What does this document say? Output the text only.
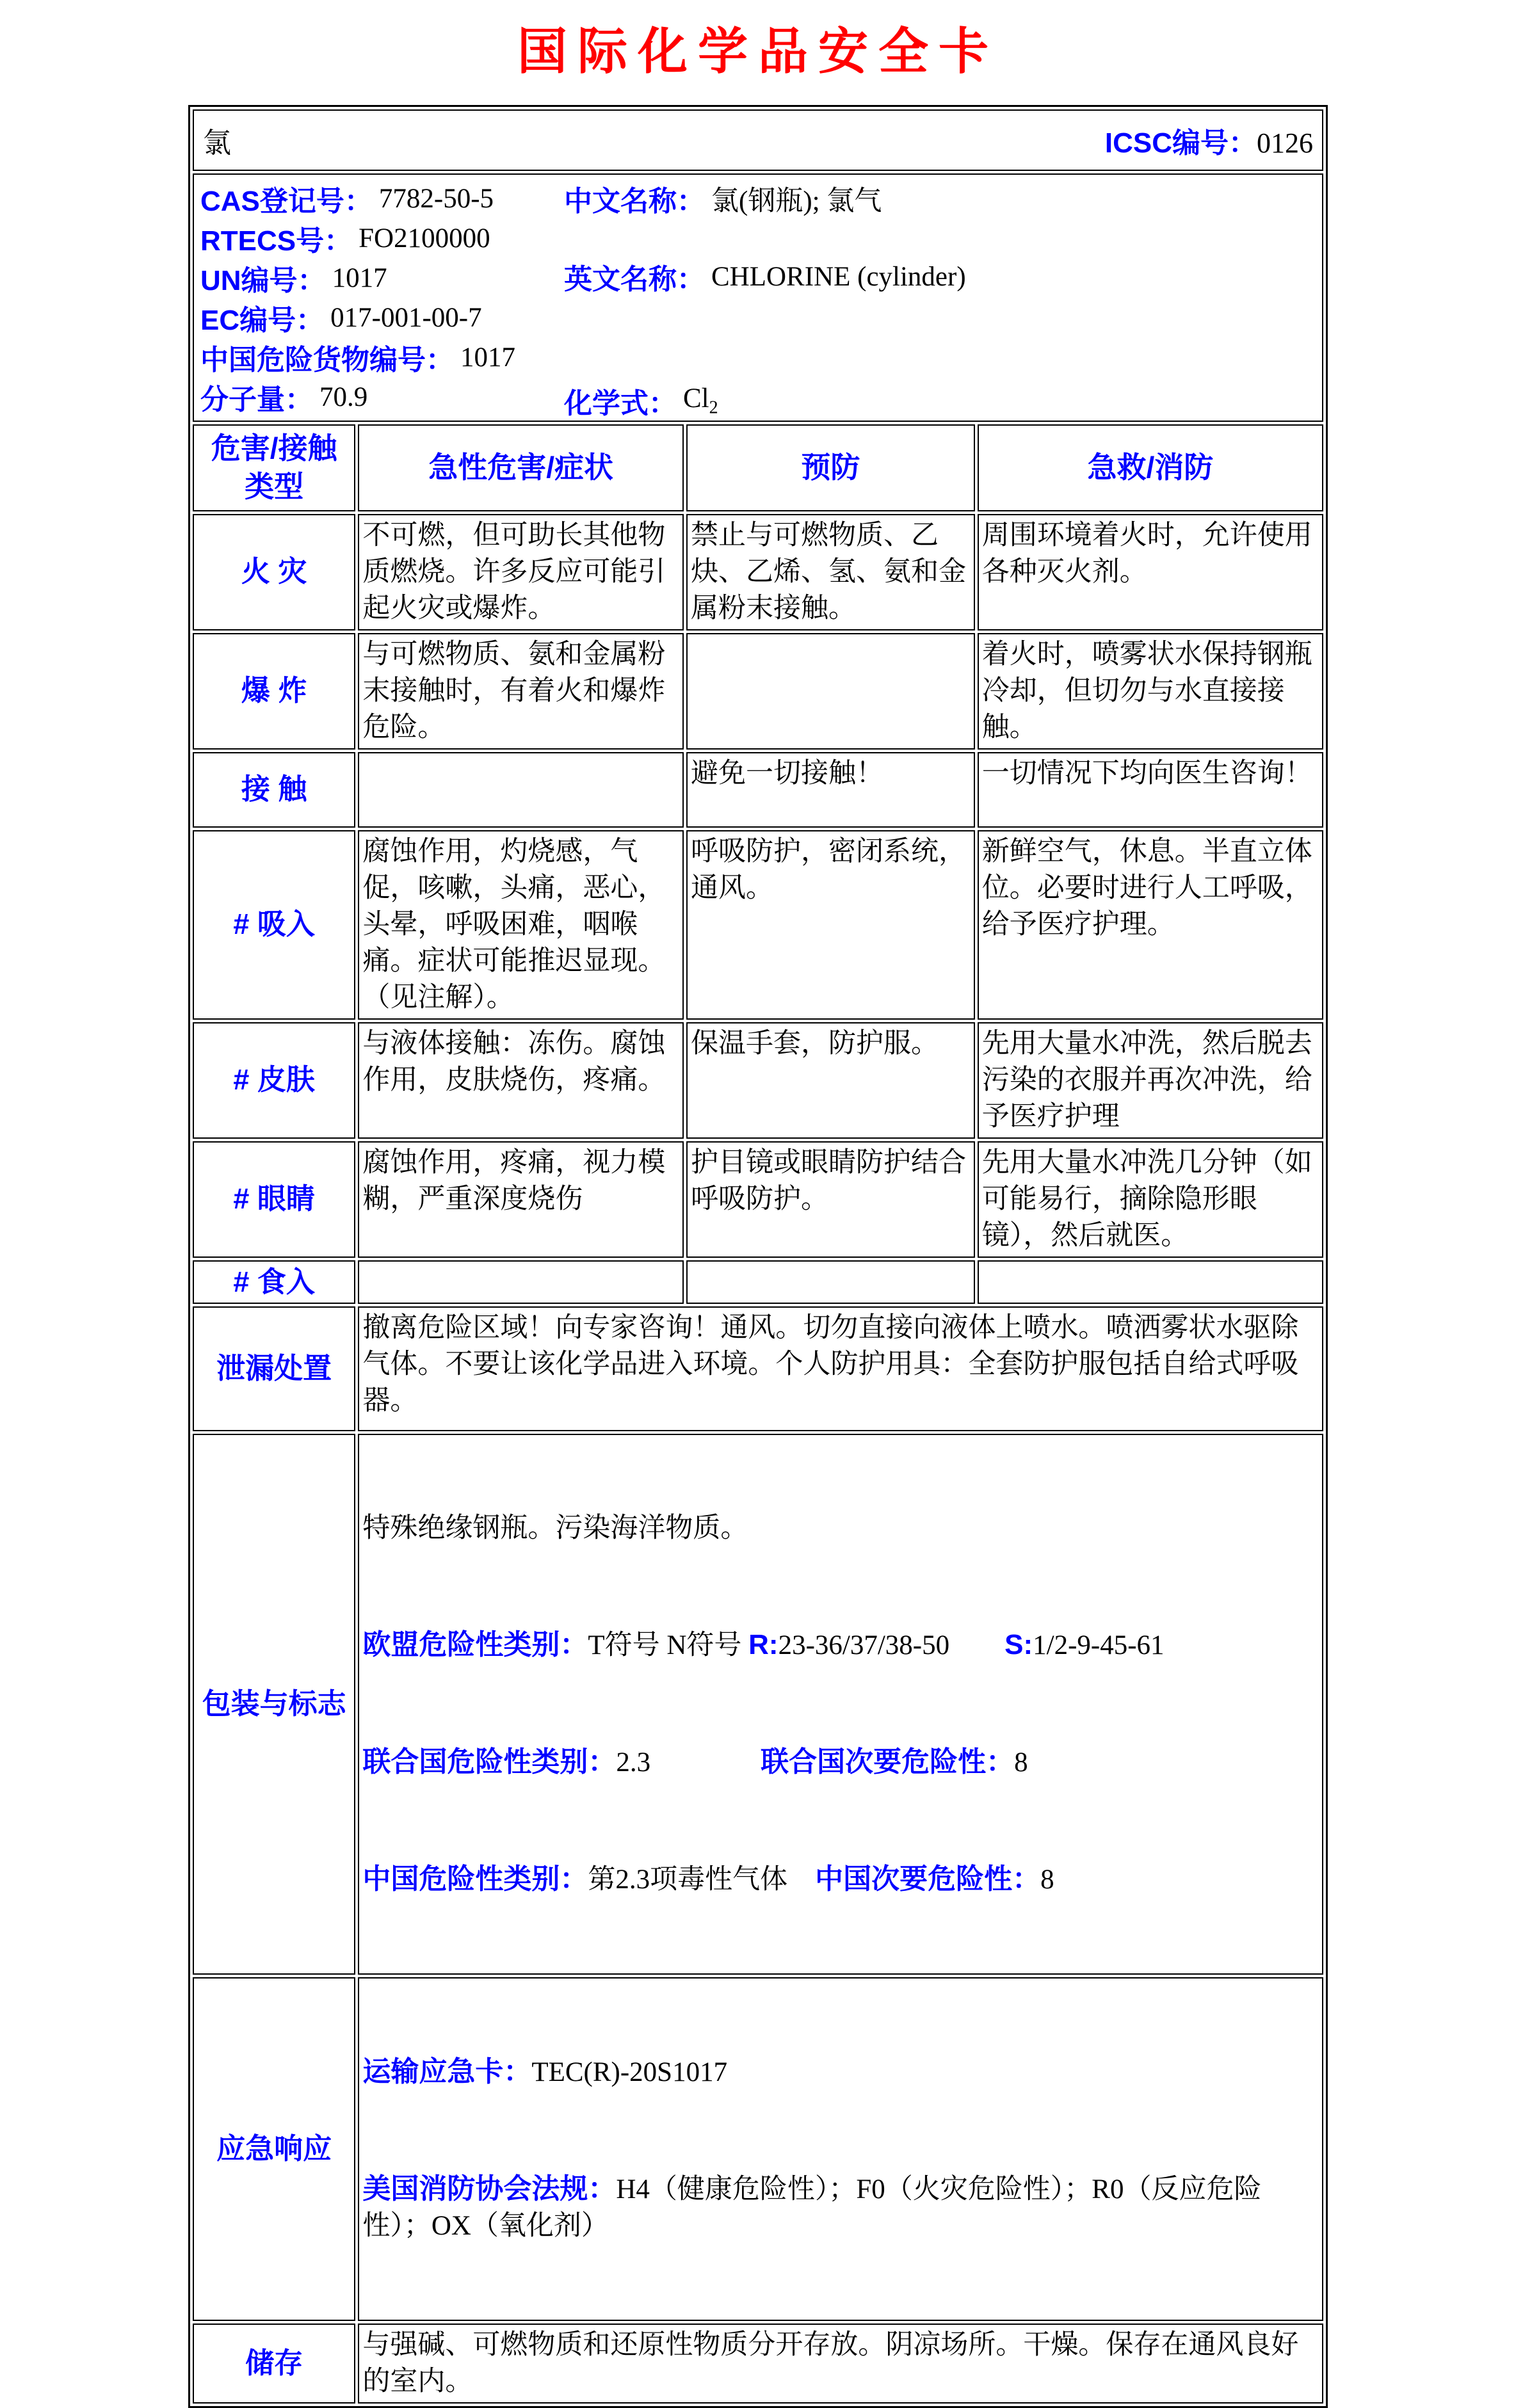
国际化学品安全卡
氯 ICSC编号：0126			

CAS登记号： 7782-50-5
RTECS号： FO2100000
UN编号： 1017
EC编号： 017-001-00-7
中国危险货物编号： 1017
分子量： 70.9
中文名称： 氯(钢瓶); 氯气
英文名称： CHLORINE (cylinder)
化学式： $Cl_2$

危害/接触类型	急性危害/症状	预防	急救/消防
火 灾	不可燃，但可助长其他物质燃烧。许多反应可能引起火灾或爆炸。	禁止与可燃物质、乙炔、乙烯、氢、氨和金属粉末接触。	周围环境着火时，允许使用各种灭火剂。
爆 炸	与可燃物质、氨和金属粉末接触时，有着火和爆炸危险。		着火时，喷雾状水保持钢瓶冷却，但切勿与水直接接触。
接 触		避免一切接触！	一切情况下均向医生咨询！
# 吸入	腐蚀作用，灼烧感，气促，咳嗽，头痛，恶心，头晕，呼吸困难，咽喉痛。症状可能推迟显现。（见注解）。	呼吸防护，密闭系统，通风。	新鲜空气，休息。半直立体位。必要时进行人工呼吸，给予医疗护理。
# 皮肤	与液体接触：冻伤。腐蚀作用，皮肤烧伤，疼痛。	保温手套，防护服。	先用大量水冲洗，然后脱去污染的衣服并再次冲洗，给予医疗护理
# 眼睛	腐蚀作用，疼痛，视力模糊，严重深度烧伤	护目镜或眼睛防护结合呼吸防护。	先用大量水冲洗几分钟（如可能易行，摘除隐形眼镜），然后就医。
# 食入			
泄漏处置	撤离危险区域！向专家咨询！通风。切勿直接向液体上喷水。喷洒雾状水驱除气体。不要让该化学品进入环境。个人防护用具：全套防护服包括自给式呼吸器。		
包装与标志	特殊绝缘钢瓶。污染海洋物质。

欧盟危险性类别：T符号 N符号 R:23-36/37/38-50　　S:1/2-9-45-61

联合国危险性类别：2.3　　　　联合国次要危险性：8

中国危险性类别：第2.3项毒性气体　中国次要危险性：8		

应急响应	运输应急卡：TEC(R)-20S1017

美国消防协会法规：H4（健康危险性）；F0（火灾危险性）；R0（反应危险性）；OX（氧化剂）		

储存	与强碱、可燃物质和还原性物质分开存放。阴凉场所。干燥。保存在通风良好的室内。		
